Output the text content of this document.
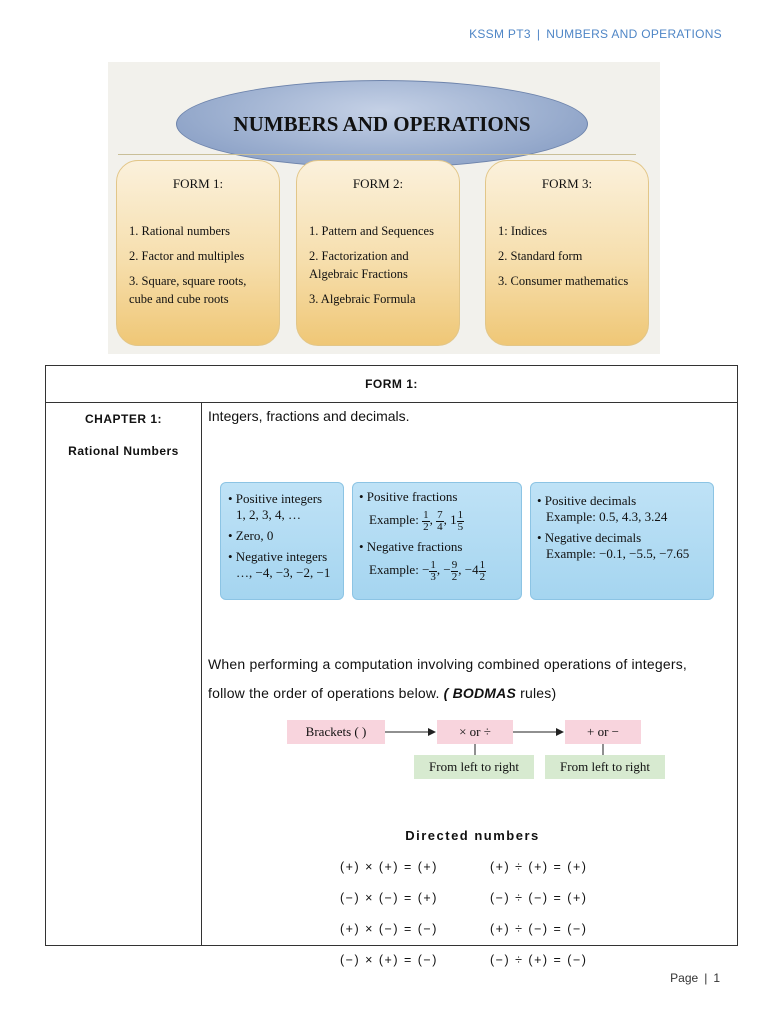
KSSM PT3 | NUMBERS AND OPERATIONS
NUMBERS AND OPERATIONS
FORM 1:
1. Rational numbers
2. Factor and multiples
3. Square, square roots, cube and cube roots
FORM 2:
1. Pattern and Sequences
2. Factorization and Algebraic Fractions
3. Algebraic Formula
FORM 3:
1: Indices
2. Standard form
3. Consumer mathematics
FORM 1:
CHAPTER 1:
Rational Numbers
Integers, fractions and decimals.
• Positive integers
1, 2, 3, 4, …
• Zero, 0
• Negative integers
…, −4, −3, −2, −1
• Positive fractions
Example: $\frac{1}{2}$ , $\frac{7}{4}$ , $1 \frac{1}{5}$
• Negative fractions
Example: − $\frac{1}{3}$ , − $\frac{9}{2}$ , $-4 \frac{1}{2}$
• Positive decimals
Example: 0.5, 4.3, 3.24
• Negative decimals
Example: −0.1, −5.5, −7.65
When performing a computation involving combined operations of integers, follow the order of operations below. ( BODMAS rules)
Brackets ( )	× or ÷	+ or −
From left to right	From left to right
Directed numbers
(+) × (+) = (+)	(+) ÷ (+) = (+)
(−) × (−) = (+)	(−) ÷ (−) = (+)
(+) × (−) = (−)	(+) ÷ (−) = (−)
(−) × (+) = (−)	(−) ÷ (+) = (−)
Page | 1
